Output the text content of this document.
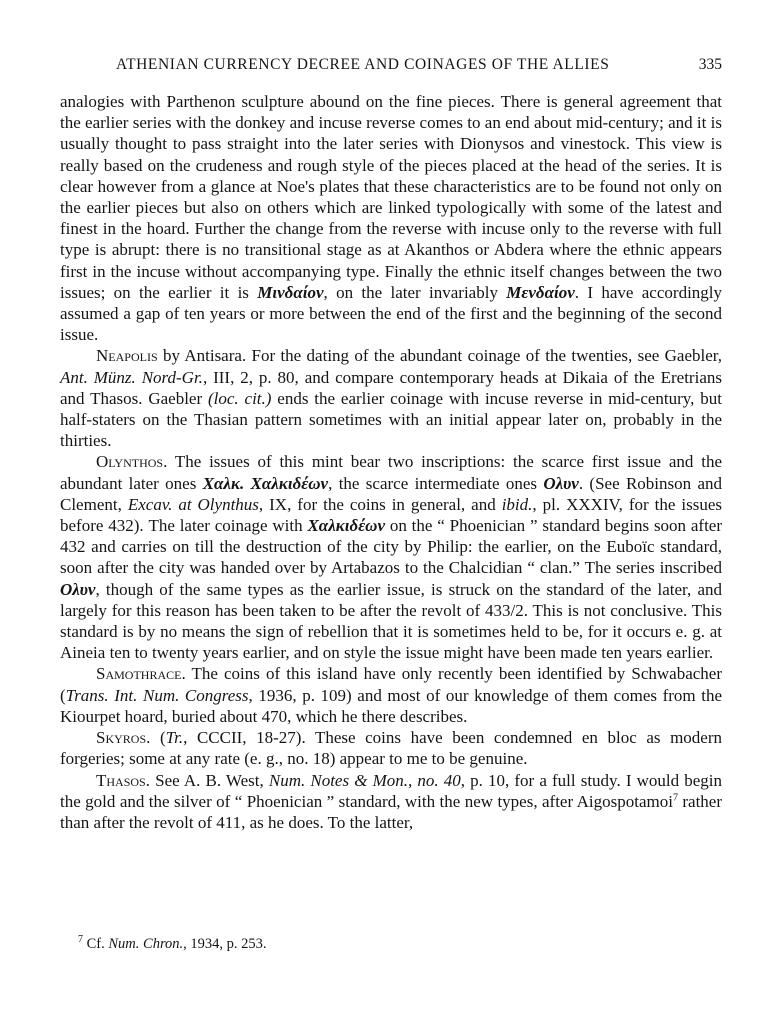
ATHENIAN CURRENCY DECREE AND COINAGES OF THE ALLIES	335

analogies with Parthenon sculpture abound on the fine pieces. There is general agreement that the earlier series with the donkey and incuse reverse comes to an end about mid-century; and it is usually thought to pass straight into the later series with Dionysos and vinestock. This view is really based on the crudeness and rough style of the pieces placed at the head of the series. It is clear however from a glance at Noe's plates that these characteristics are to be found not only on the earlier pieces but also on others which are linked typologically with some of the latest and finest in the hoard. Further the change from the reverse with incuse only to the reverse with full type is abrupt: there is no transitional stage as at Akanthos or Abdera where the ethnic appears first in the incuse without accompanying type. Finally the ethnic itself changes between the two issues; on the earlier it is Μινδαίον, on the later invariably Μενδαίον. I have accordingly assumed a gap of ten years or more between the end of the first and the beginning of the second issue.

Neapolis by Antisara. For the dating of the abundant coinage of the twenties, see Gaebler, Ant. Münz. Nord-Gr., III, 2, p. 80, and compare contemporary heads at Dikaia of the Eretrians and Thasos. Gaebler (loc. cit.) ends the earlier coinage with incuse reverse in mid-century, but half-staters on the Thasian pattern sometimes with an initial appear later on, probably in the thirties.

Olynthos. The issues of this mint bear two inscriptions: the scarce first issue and the abundant later ones Χαλκ. Χαλκιδέων, the scarce intermediate ones Ολυν. (See Robinson and Clement, Excav. at Olynthus, IX, for the coins in general, and ibid., pl. XXXIV, for the issues before 432). The later coinage with Χαλκιδέων on the “ Phoenician ” standard begins soon after 432 and carries on till the destruction of the city by Philip: the earlier, on the Euboïc standard, soon after the city was handed over by Artabazos to the Chalcidian “ clan.” The series inscribed Ολυν, though of the same types as the earlier issue, is struck on the standard of the later, and largely for this reason has been taken to be after the revolt of 433/2. This is not conclusive. This standard is by no means the sign of rebellion that it is sometimes held to be, for it occurs e. g. at Aineia ten to twenty years earlier, and on style the issue might have been made ten years earlier.

Samothrace. The coins of this island have only recently been identified by Schwabacher (Trans. Int. Num. Congress, 1936, p. 109) and most of our knowledge of them comes from the Kiourpet hoard, buried about 470, which he there describes.

Skyros. (Tr., CCCII, 18-27). These coins have been condemned en bloc as modern forgeries; some at any rate (e. g., no. 18) appear to me to be genuine.

Thasos. See A. B. West, Num. Notes & Mon., no. 40, p. 10, for a full study. I would begin the gold and the silver of “ Phoenician ” standard, with the new types, after Aigospotamoi$^7$ rather than after the revolt of 411, as he does. To the latter,

$^7$ Cf. Num. Chron., 1934, p. 253.
